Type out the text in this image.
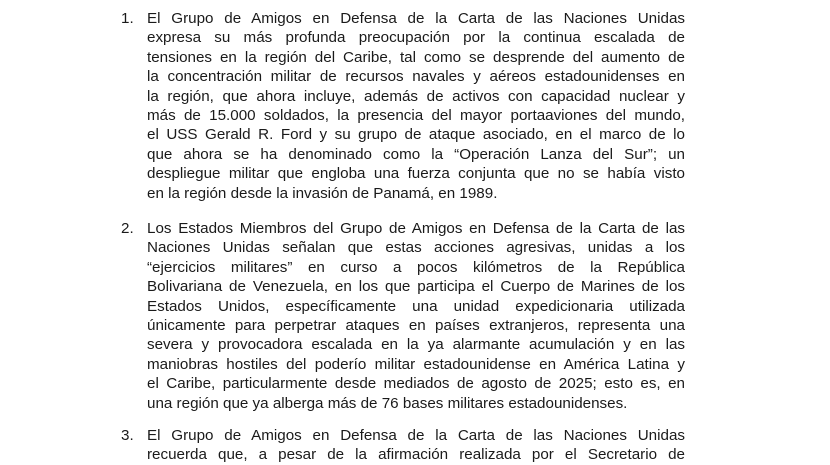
1. El Grupo de Amigos en Defensa de la Carta de las Naciones Unidas
expresa su más profunda preocupación por la continua escalada de
tensiones en la región del Caribe, tal como se desprende del aumento de
la concentración militar de recursos navales y aéreos estadounidenses en
la región, que ahora incluye, además de activos con capacidad nuclear y
más de 15.000 soldados, la presencia del mayor portaaviones del mundo,
el USS Gerald R. Ford y su grupo de ataque asociado, en el marco de lo
que ahora se ha denominado como la “Operación Lanza del Sur”; un
despliegue militar que engloba una fuerza conjunta que no se había visto
en la región desde la invasión de Panamá, en 1989.
2. Los Estados Miembros del Grupo de Amigos en Defensa de la Carta de las
Naciones Unidas señalan que estas acciones agresivas, unidas a los
“ejercicios militares” en curso a pocos kilómetros de la República
Bolivariana de Venezuela, en los que participa el Cuerpo de Marines de los
Estados Unidos, específicamente una unidad expedicionaria utilizada
únicamente para perpetrar ataques en países extranjeros, representa una
severa y provocadora escalada en la ya alarmante acumulación y en las
maniobras hostiles del poderío militar estadounidense en América Latina y
el Caribe, particularmente desde mediados de agosto de 2025; esto es, en
una región que ya alberga más de 76 bases militares estadounidenses.
3. El Grupo de Amigos en Defensa de la Carta de las Naciones Unidas
recuerda que, a pesar de la afirmación realizada por el Secretario de
